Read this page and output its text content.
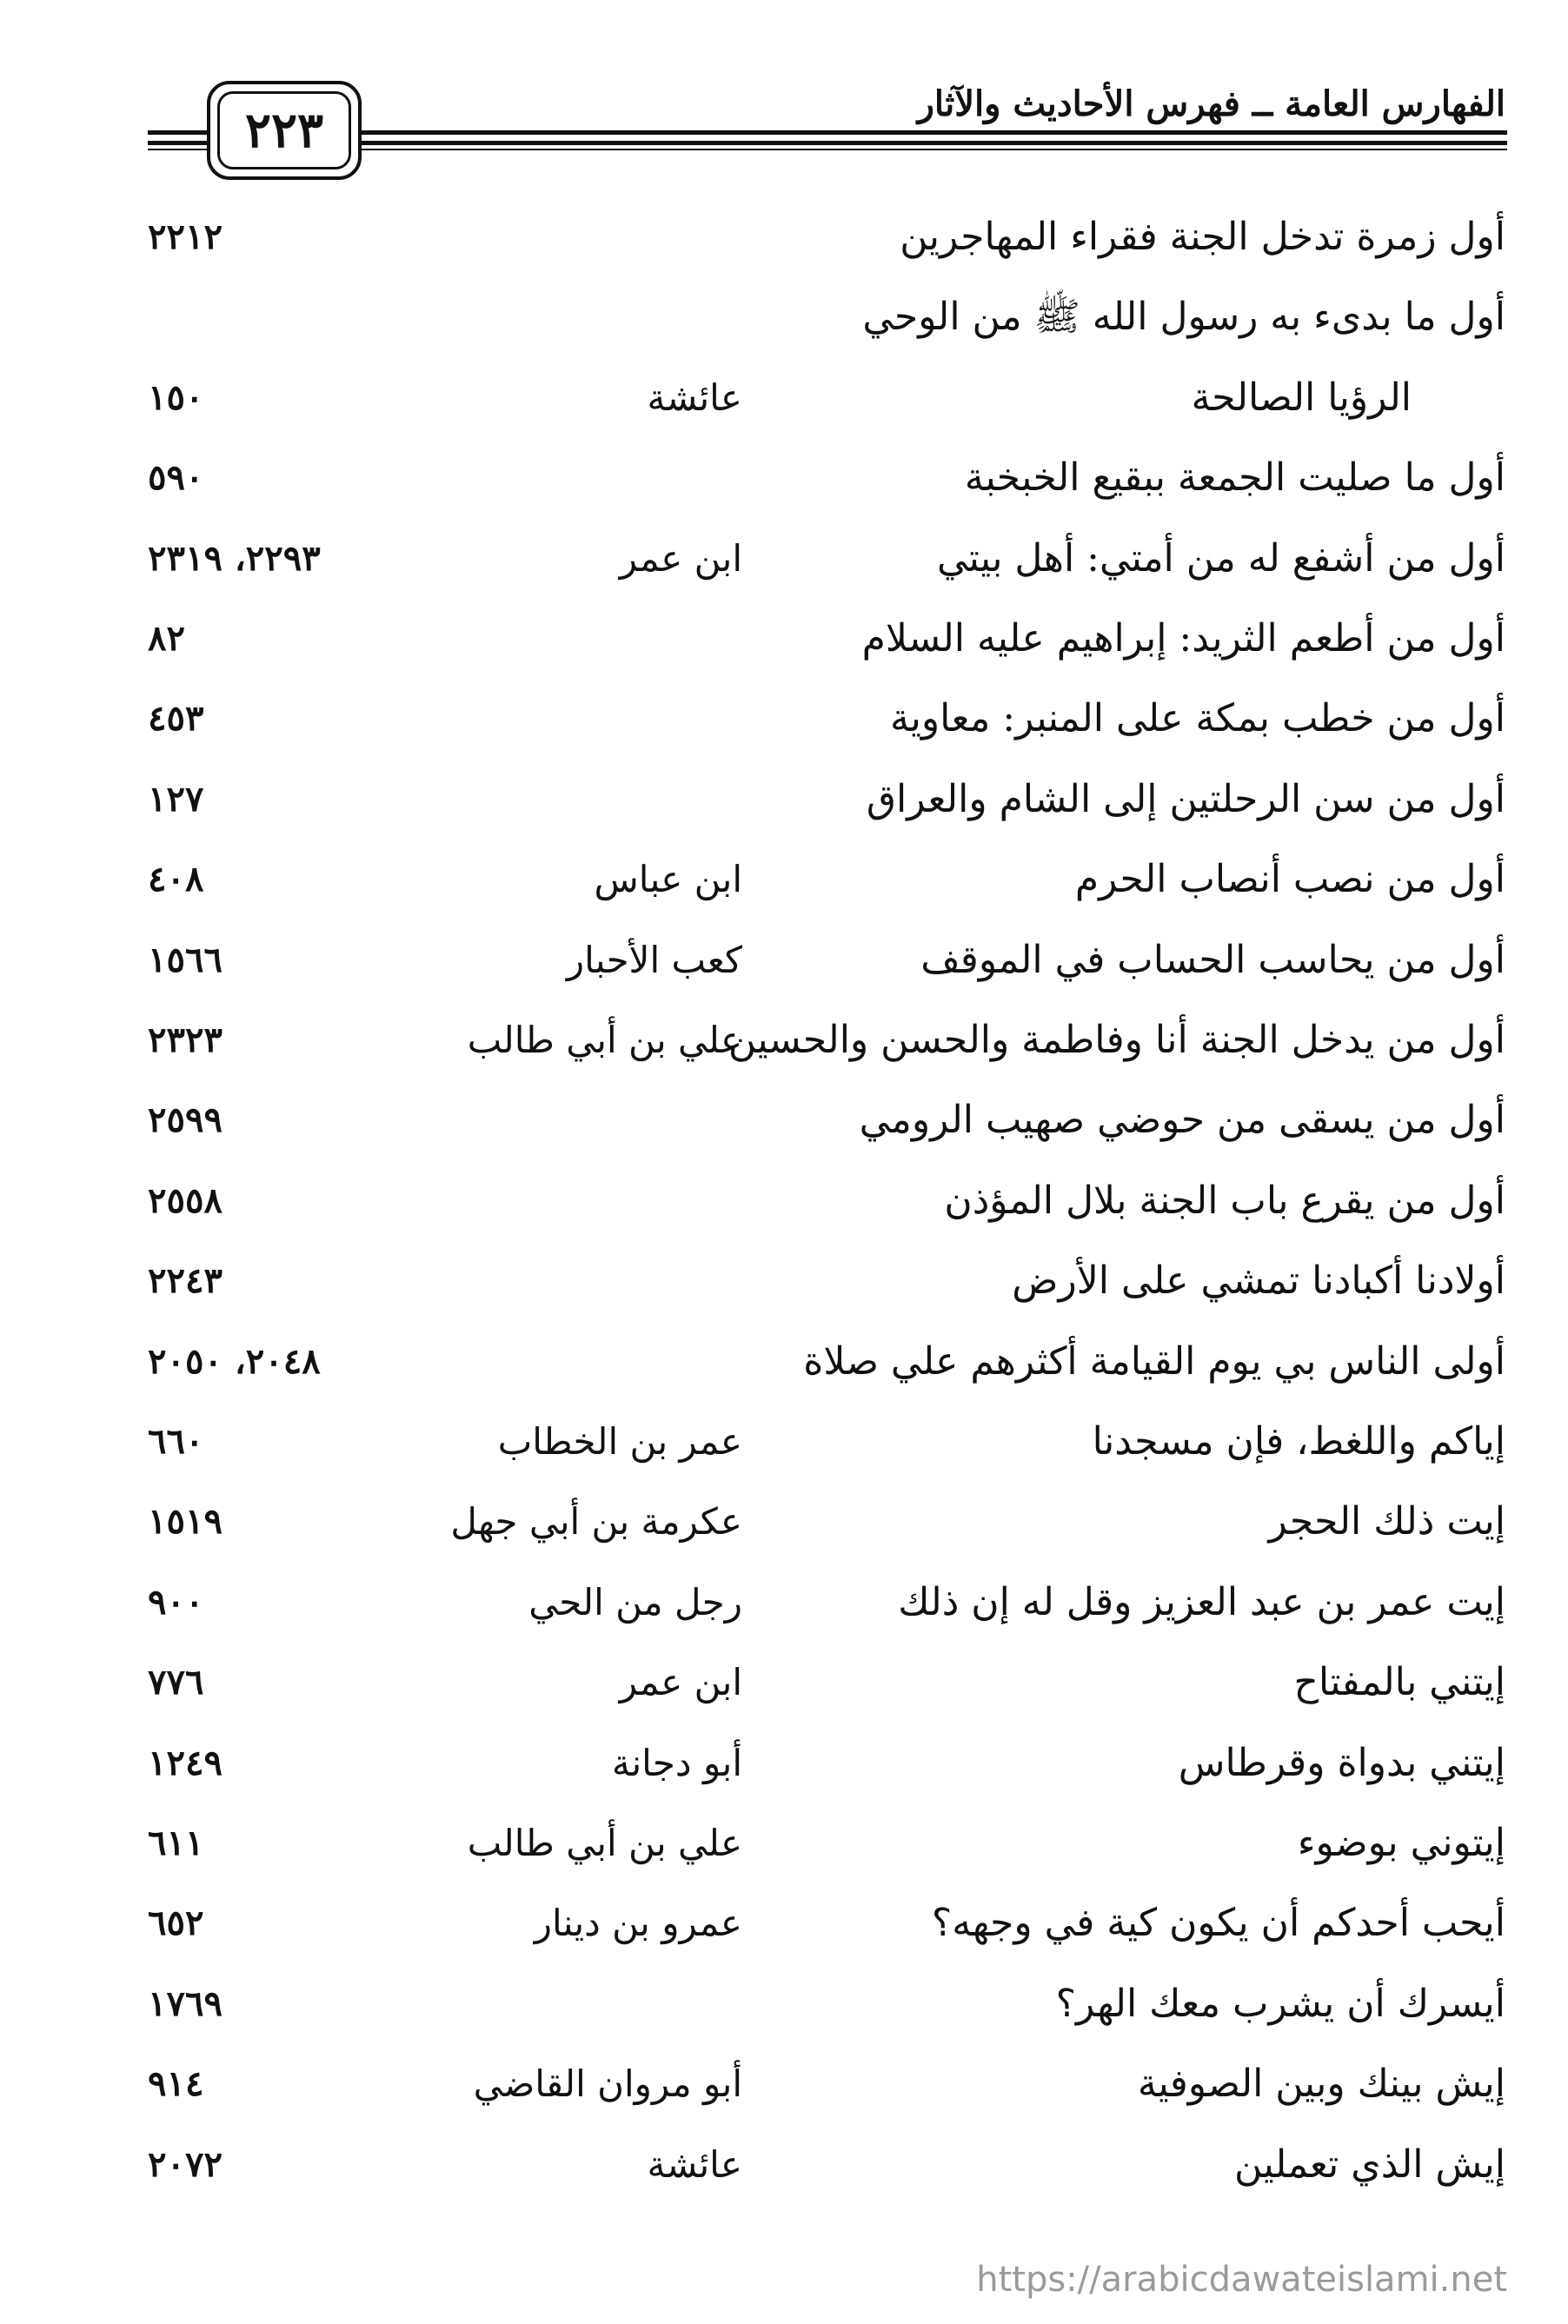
الفهارس العامة ــ فهرس الأحاديث والآثار
٢٢٣
أول زمرة تدخل الجنة فقراء المهاجرين
٢٢١٢
أول ما بدىء به رسول الله ﷺ من الوحي
الرؤيا الصالحة
عائشة
١٥٠
أول ما صليت الجمعة ببقيع الخبخبة
٥٩٠
أول من أشفع له من أمتي: أهل بيتي
ابن عمر
٢٢٩٣، ٢٣١٩
أول من أطعم الثريد: إبراهيم عليه السلام
٨٢
أول من خطب بمكة على المنبر: معاوية
٤٥٣
أول من سن الرحلتين إلى الشام والعراق
١٢٧
أول من نصب أنصاب الحرم
ابن عباس
٤٠٨
أول من يحاسب الحساب في الموقف
كعب الأحبار
١٥٦٦
أول من يدخل الجنة أنا وفاطمة والحسن والحسين
علي بن أبي طالب
٢٣٢٣
أول من يسقى من حوضي صهيب الرومي
٢٥٩٩
أول من يقرع باب الجنة بلال المؤذن
٢٥٥٨
أولادنا أكبادنا تمشي على الأرض
٢٢٤٣
أولى الناس بي يوم القيامة أكثرهم علي صلاة
٢٠٤٨، ٢٠٥٠
إياكم واللغط، فإن مسجدنا
عمر بن الخطاب
٦٦٠
إيت ذلك الحجر
عكرمة بن أبي جهل
١٥١٩
إيت عمر بن عبد العزيز وقل له إن ذلك
رجل من الحي
٩٠٠
إيتني بالمفتاح
ابن عمر
٧٧٦
إيتني بدواة وقرطاس
أبو دجانة
١٢٤٩
إيتوني بوضوء
علي بن أبي طالب
٦١١
أيحب أحدكم أن يكون كية في وجهه؟
عمرو بن دينار
٦٥٢
أيسرك أن يشرب معك الهر؟
١٧٦٩
إيش بينك وبين الصوفية
أبو مروان القاضي
٩١٤
إيش الذي تعملين
عائشة
٢٠٧٢
https://arabicdawateislami.net
